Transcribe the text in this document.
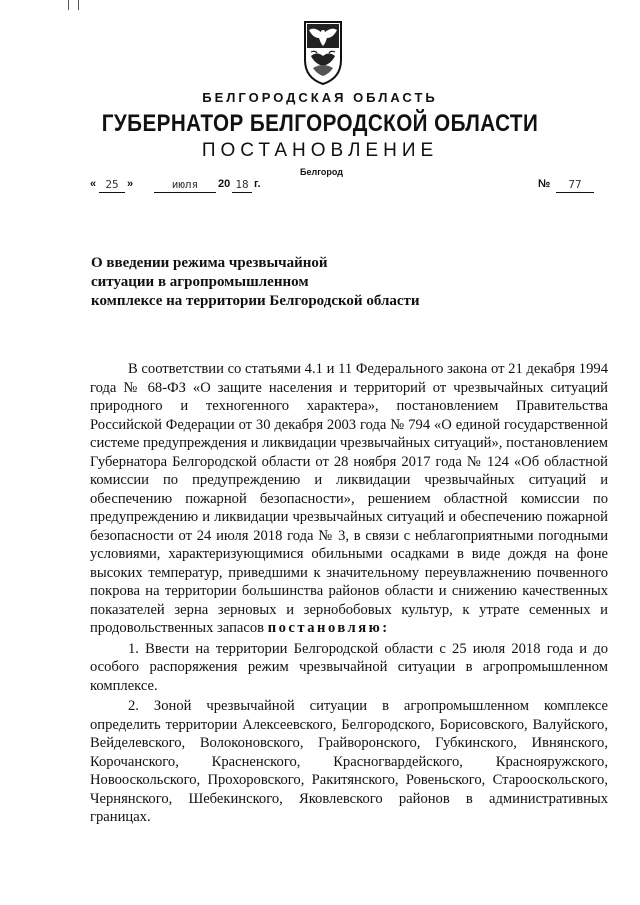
БЕЛГОРОДСКАЯ ОБЛАСТЬ
ГУБЕРНАТОР БЕЛГОРОДСКОЙ ОБЛАСТИ
ПОСТАНОВЛЕНИЕ
Белгород
« 25 »	июля	20 18 г.	№	77
О введении режима чрезвычайной
ситуации в агропромышленном
комплексе на территории Белгородской области

В соответствии со статьями 4.1 и 11 Федерального закона от 21 декабря 1994 года № 68-ФЗ «О защите населения и территорий от чрезвычайных ситуаций природного и техногенного характера», постановлением Правительства Российской Федерации от 30 декабря 2003 года № 794 «О единой государственной системе предупреждения и ликвидации чрезвычайных ситуаций», постановлением Губернатора Белгородской области от 28 ноября 2017 года № 124 «Об областной комиссии по предупреждению и ликвидации чрезвычайных ситуаций и обеспечению пожарной безопасности», решением областной комиссии по предупреждению и ликвидации чрезвычайных ситуаций и обеспечению пожарной безопасности от 24 июля 2018 года № 3, в связи с неблагоприятными погодными условиями, характеризующимися обильными осадками в виде дождя на фоне высоких температур, приведшими к значительному переувлажнению почвенного покрова на территории большинства районов области и снижению качественных показателей зерна зерновых и зернобобовых культур, к утрате семенных и продовольственных запасов постановляю:

1. Ввести на территории Белгородской области с 25 июля 2018 года и до особого распоряжения режим чрезвычайной ситуации в агропромышленном комплексе.

2. Зоной чрезвычайной ситуации в агропромышленном комплексе определить территории Алексеевского, Белгородского, Борисовского, Валуйского, Вейделевского, Волоконовского, Грайворонского, Губкинского, Ивнянского, Корочанского, Красненского, Красногвардейского, Краснояружского, Новооскольского, Прохоровского, Ракитянского, Ровеньского, Старооскольского, Чернянского, Шебекинского, Яковлевского районов в административных границах.
